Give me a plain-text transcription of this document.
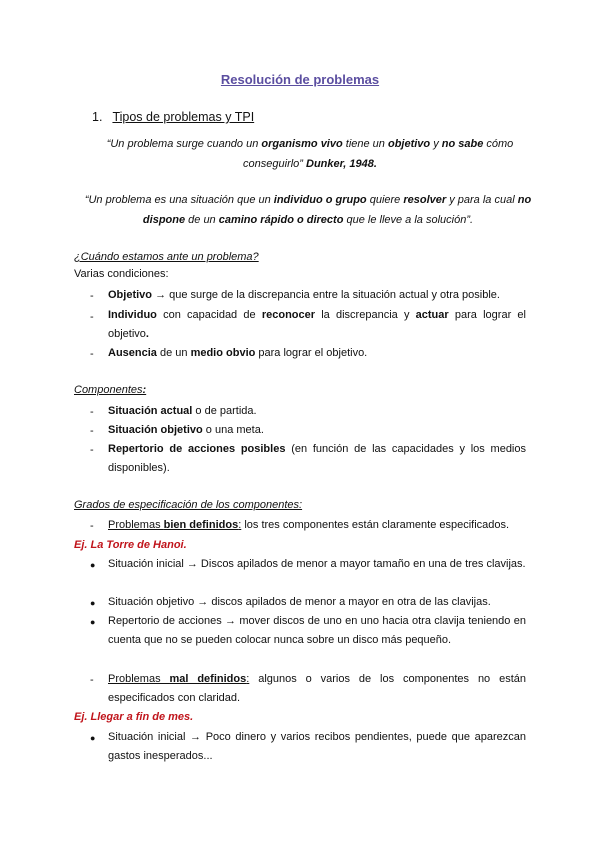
Resolución de problemas
1. Tipos de problemas y TPI
“Un problema surge cuando un organismo vivo tiene un objetivo y no sabe cómo conseguirlo” Dunker, 1948.
“Un problema es una situación que un individuo o grupo quiere resolver y para la cual no dispone de un camino rápido o directo que le lleve a la solución”.
¿Cuándo estamos ante un problema?
Varias condiciones:
- Objetivo → que surge de la discrepancia entre la situación actual y otra posible.
- Individuo con capacidad de reconocer la discrepancia y actuar para lograr el objetivo.
- Ausencia de un medio obvio para lograr el objetivo.
Componentes:
- Situación actual o de partida.
- Situación objetivo o una meta.
- Repertorio de acciones posibles (en función de las capacidades y los medios disponibles).
Grados de especificación de los componentes:
- Problemas bien definidos: los tres componentes están claramente especificados.
Ej. La Torre de Hanoi.
● Situación inicial → Discos apilados de menor a mayor tamaño en una de tres clavijas.
● Situación objetivo → discos apilados de menor a mayor en otra de las clavijas.
● Repertorio de acciones → mover discos de uno en uno hacia otra clavija teniendo en cuenta que no se pueden colocar nunca sobre un disco más pequeño.
- Problemas mal definidos: algunos o varios de los componentes no están especificados con claridad.
Ej. Llegar a fin de mes.
● Situación inicial → Poco dinero y varios recibos pendientes, puede que aparezcan gastos inesperados...
